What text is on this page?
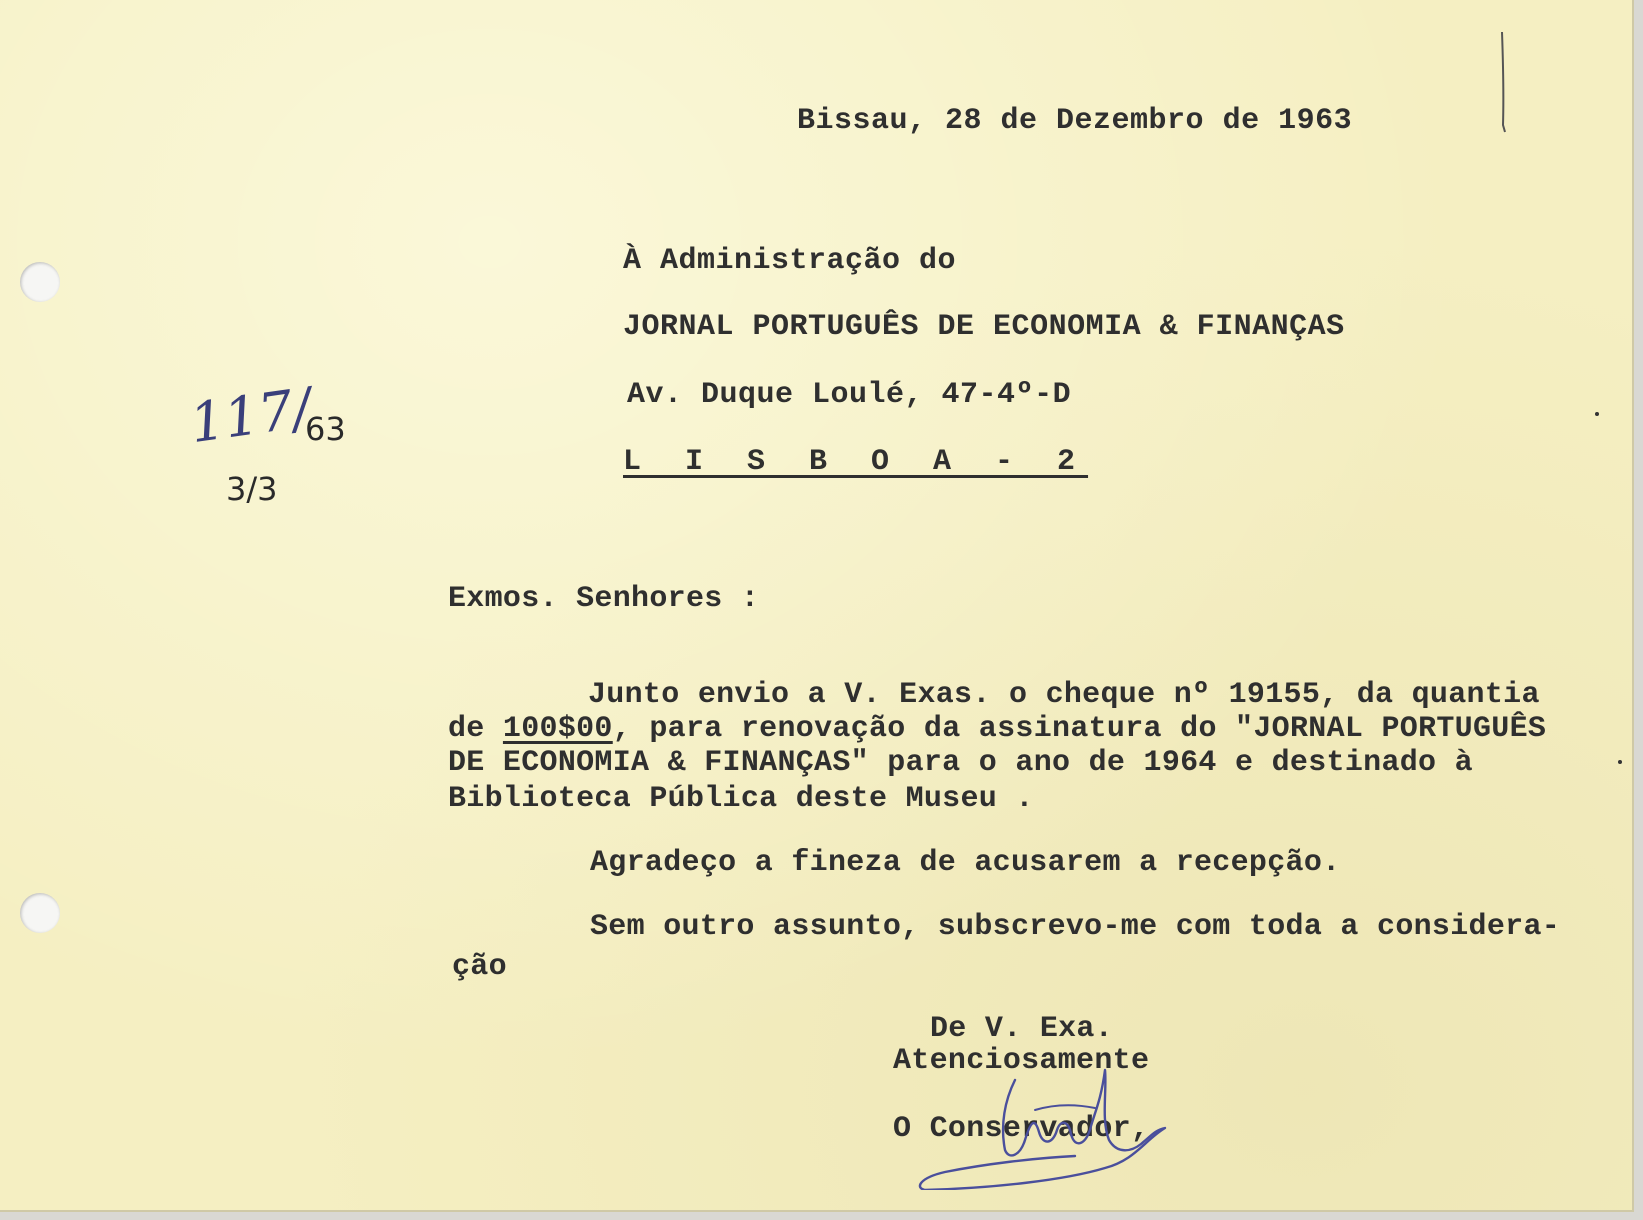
Bissau, 28 de Dezembro de 1963
À Administração do
JORNAL PORTUGUÊS DE ECONOMIA & FINANÇAS
Av. Duque Loulé, 47-4º-D
L I S B O A - 2
117/
63
3/3
Exmos. Senhores :
Junto envio a V. Exas. o cheque nº 19155, da quantia
de 100$00, para renovação da assinatura do "JORNAL PORTUGUÊS
DE ECONOMIA & FINANÇAS" para o ano de 1964 e destinado à
Biblioteca Pública deste Museu .
Agradeço a fineza de acusarem a recepção.
Sem outro assunto, subscrevo-me com toda a considera-
ção
De V. Exa.
Atenciosamente
O Conservador,
